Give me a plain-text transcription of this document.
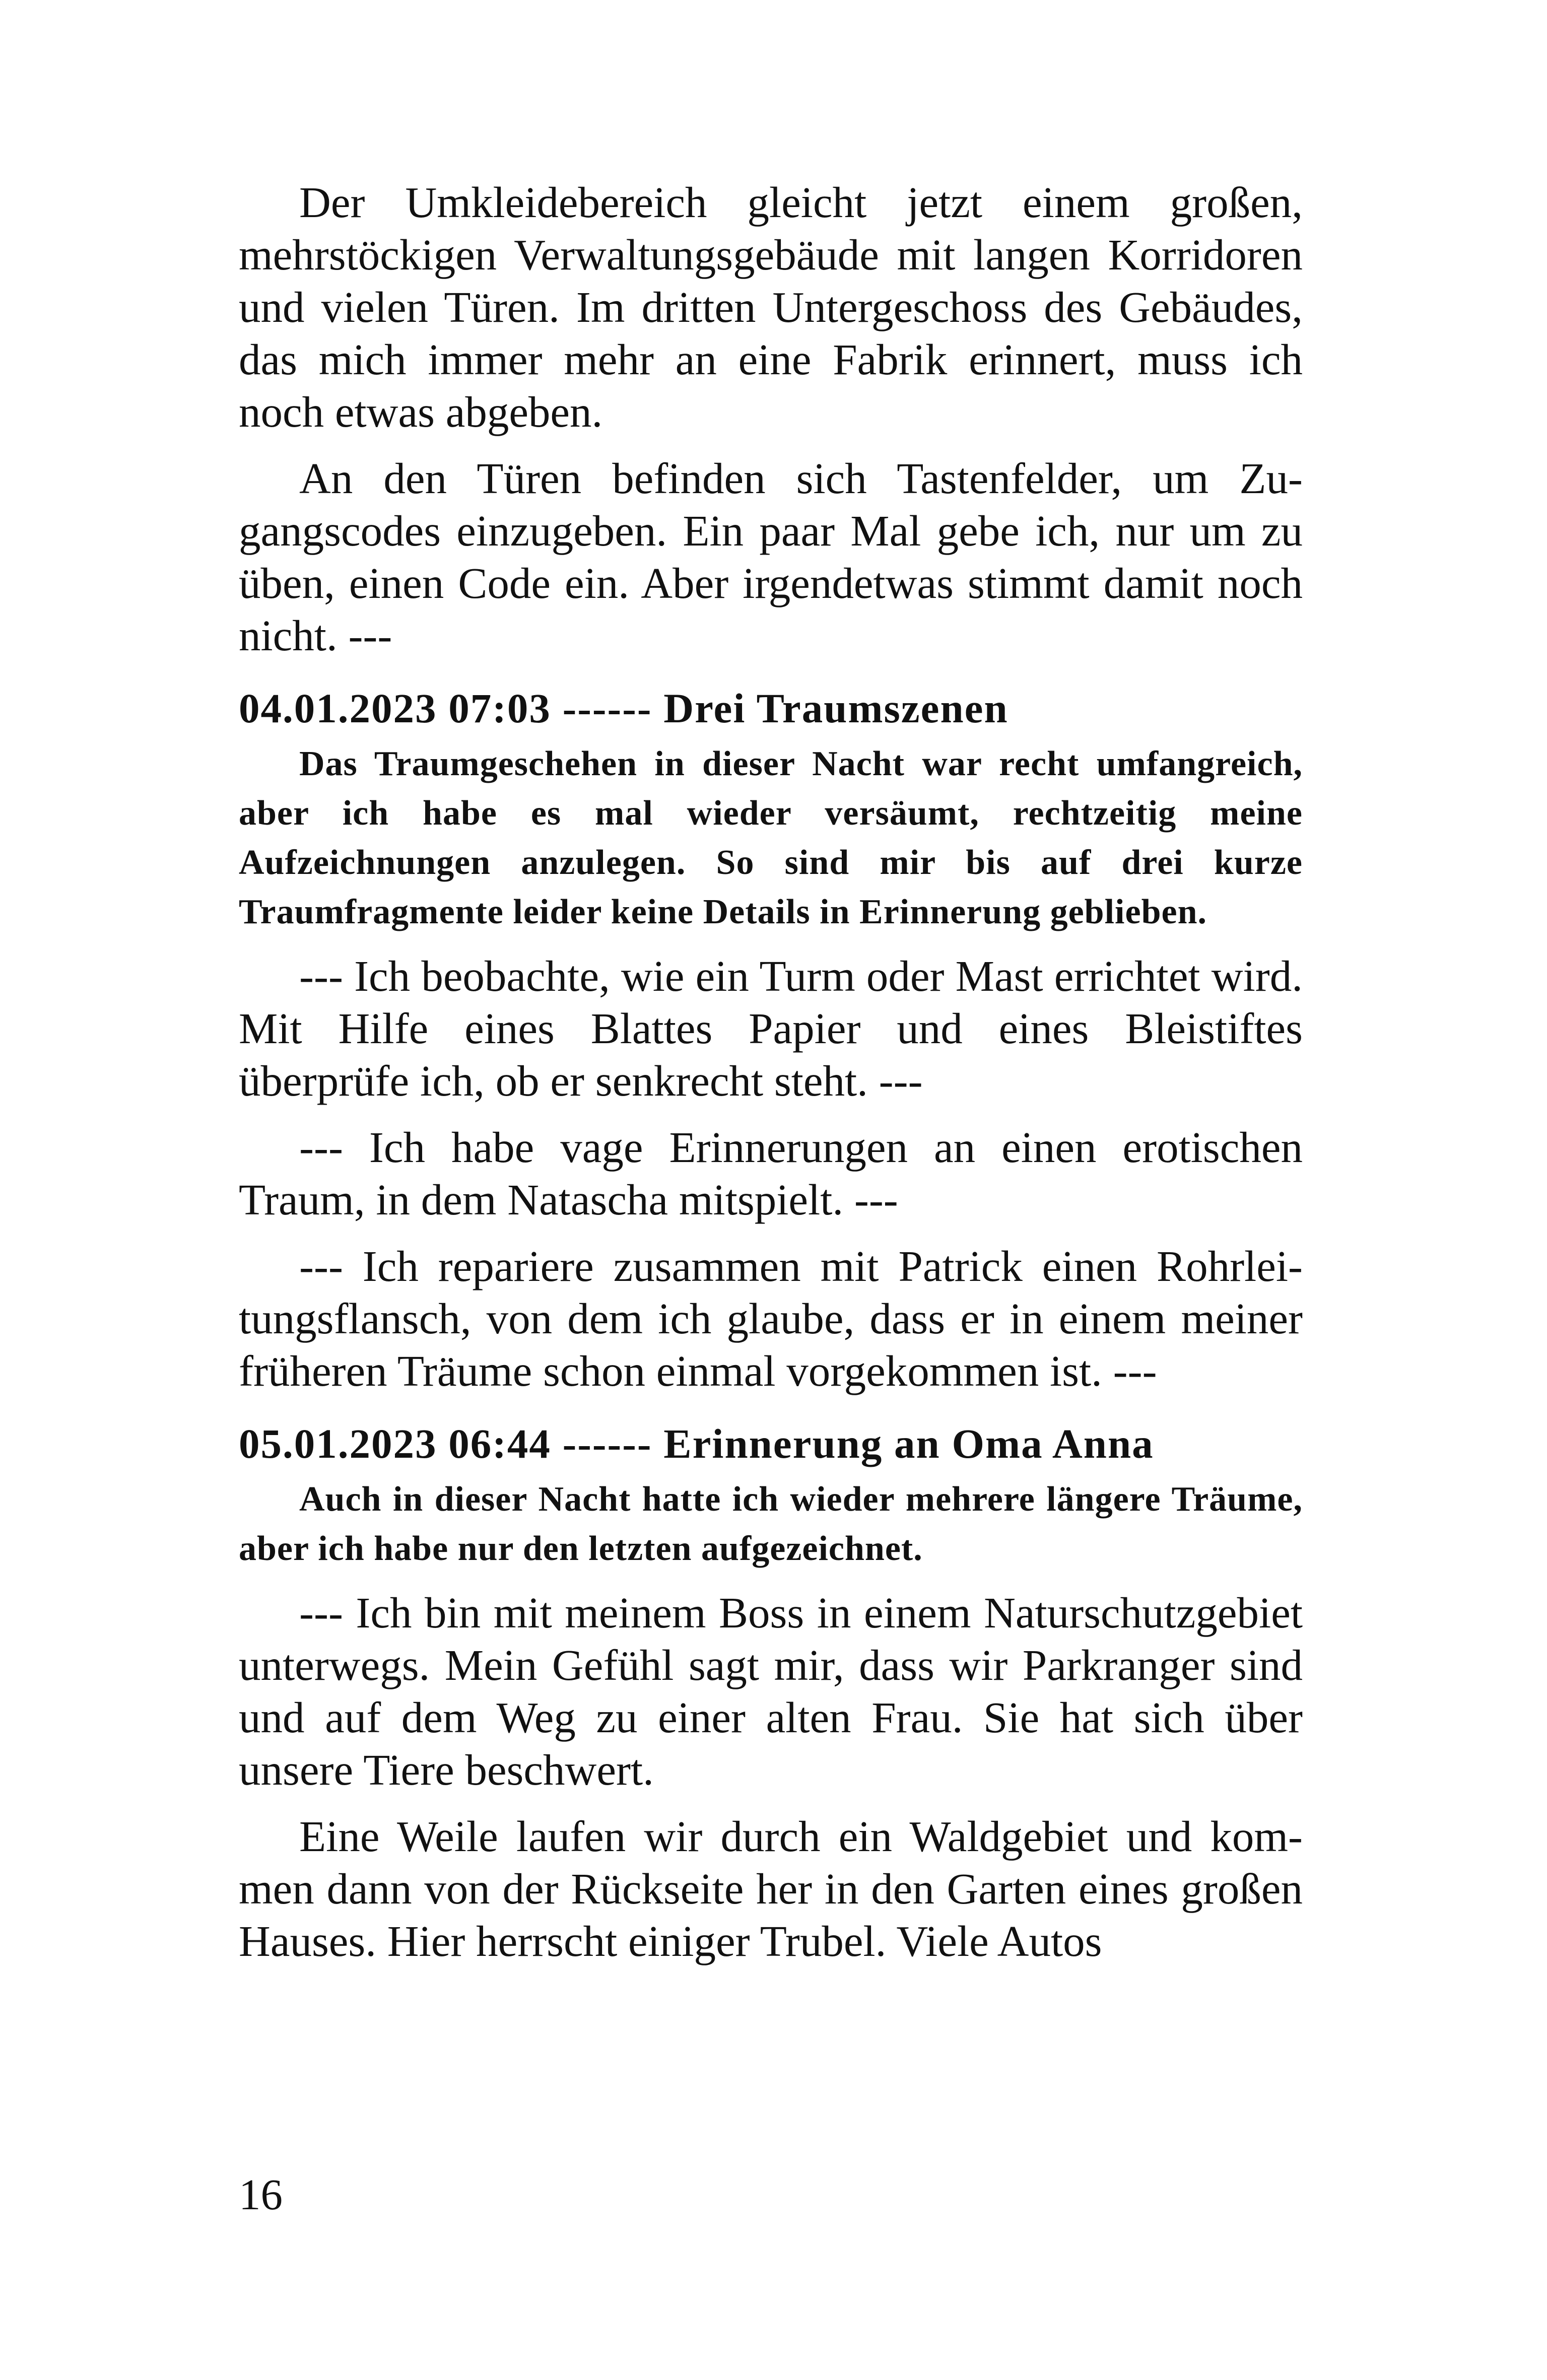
Der Umkleidebereich gleicht jetzt einem großen, mehrstöckigen Verwaltungsgebäude mit langen Korridoren und vielen Türen. Im dritten Untergeschoss des Gebäudes, das mich immer mehr an eine Fabrik erinnert, muss ich noch etwas abgeben.

An den Türen befinden sich Tastenfelder, um Zugangscodes einzugeben. Ein paar Mal gebe ich, nur um zu üben, einen Code ein. Aber irgendetwas stimmt damit noch nicht. ---

04.01.2023 07:03 ------ Drei Traumszenen

Das Traumgeschehen in dieser Nacht war recht umfangreich, aber ich habe es mal wieder versäumt, rechtzeitig meine Aufzeichnungen anzulegen. So sind mir bis auf drei kurze Traumfragmente leider keine Details in Erinnerung geblieben.

--- Ich beobachte, wie ein Turm oder Mast errichtet wird. Mit Hilfe eines Blattes Papier und eines Bleistiftes überprüfe ich, ob er senkrecht steht. ---

--- Ich habe vage Erinnerungen an einen erotischen Traum, in dem Natascha mitspielt. ---

--- Ich repariere zusammen mit Patrick einen Rohrleitungsflansch, von dem ich glaube, dass er in einem meiner früheren Träume schon einmal vorgekommen ist. ---

05.01.2023 06:44 ------ Erinnerung an Oma Anna

Auch in dieser Nacht hatte ich wieder mehrere längere Träume, aber ich habe nur den letzten aufgezeichnet.

--- Ich bin mit meinem Boss in einem Naturschutzgebiet unterwegs. Mein Gefühl sagt mir, dass wir Parkranger sind und auf dem Weg zu einer alten Frau. Sie hat sich über unsere Tiere beschwert.

Eine Weile laufen wir durch ein Waldgebiet und kommen dann von der Rückseite her in den Garten eines großen Hauses. Hier herrscht einiger Trubel. Viele Autos

16
